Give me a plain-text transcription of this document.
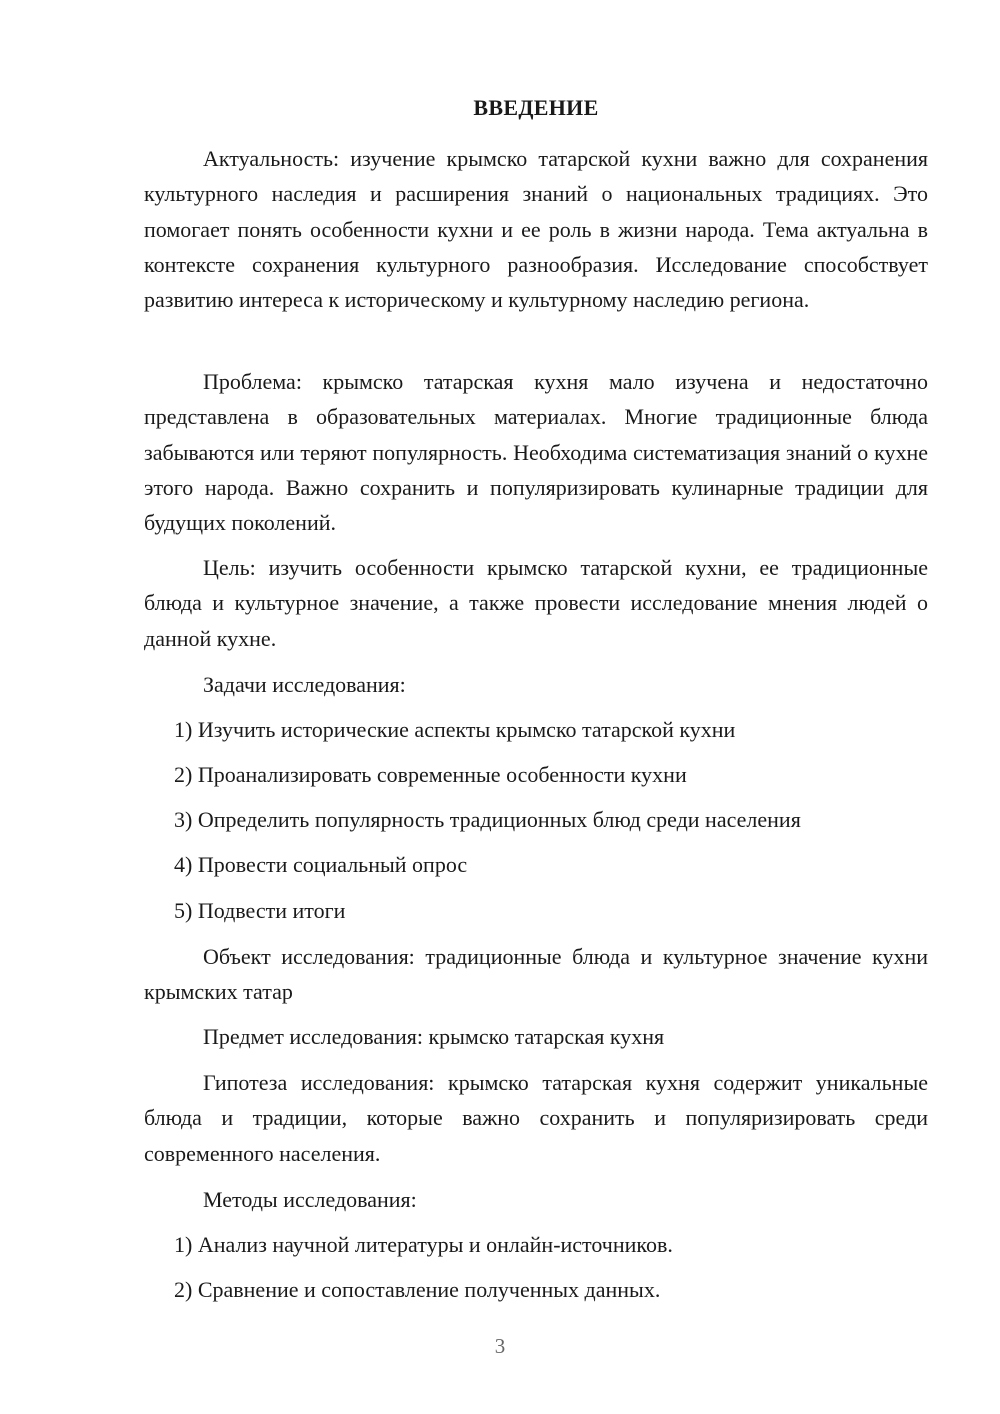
ВВЕДЕНИЕ

Актуальность: изучение крымско татарской кухни важно для сохранения культурного наследия и расширения знаний о национальных традициях. Это помогает понять особенности кухни и ее роль в жизни народа. Тема актуальна в контексте сохранения культурного разнообразия. Исследование способствует развитию интереса к историческому и культурному наследию региона.

Проблема: крымско татарская кухня мало изучена и недостаточно представлена в образовательных материалах. Многие традиционные блюда забываются или теряют популярность. Необходима систематизация знаний о кухне этого народа. Важно сохранить и популяризировать кулинарные традиции для будущих поколений.

Цель: изучить особенности крымско татарской кухни, ее традиционные блюда и культурное значение, а также провести исследование мнения людей о данной кухне.

Задачи исследования:

1) Изучить исторические аспекты крымско татарской кухни

2) Проанализировать современные особенности кухни

3) Определить популярность традиционных блюд среди населения

4) Провести социальный опрос

5) Подвести итоги

Объект исследования: традиционные блюда и культурное значение кухни крымских татар

Предмет исследования: крымско татарская кухня

Гипотеза исследования: крымско татарская кухня содержит уникальные блюда и традиции, которые важно сохранить и популяризировать среди современного населения.

Методы исследования:

1) Анализ научной литературы и онлайн-источников.

2) Сравнение и сопоставление полученных данных.

3
